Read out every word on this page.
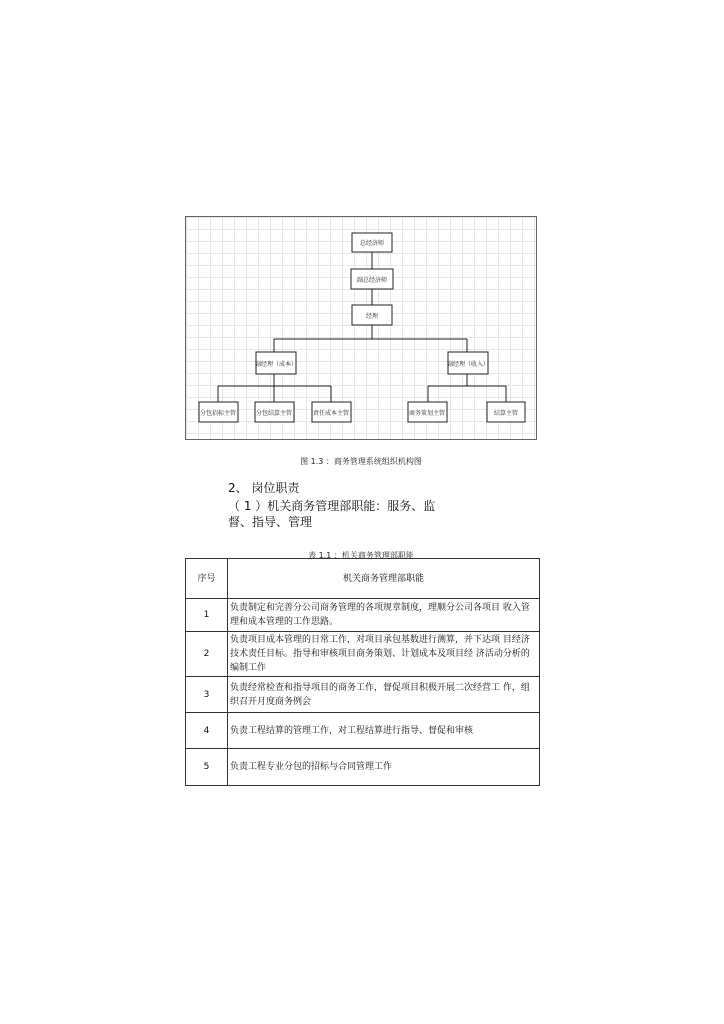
总经济师
副总经济师
经理
副经理（成本）	副经理（收入）
分包招标主管	分包结算主管	责任成本主管	商务策划主管	结算主管
图 1.3 ：商务管理系统组织机构图
2、 岗位职责
（ 1 ）机关商务管理部职能：服务、监督、指导、管理
表 1.1 ：机关商务管理部职能
序号	机关商务管理部职能
1	负责制定和完善分公司商务管理的各项规章制度，理顺分公司各项目 收入管理和成本管理的工作思路。
2	负责项目成本管理的日常工作，对项目承包基数进行测算，并下达项 目经济技术责任目标。指导和审核项目商务策划、计划成本及项目经 济活动分析的编制工作
3	负责经常检查和指导项目的商务工作，督促项目积极开展二次经营工 作，组织召开月度商务例会
4	负责工程结算的管理工作，对工程结算进行指导、督促和审核
5	负责工程专业分包的招标与合同管理工作
